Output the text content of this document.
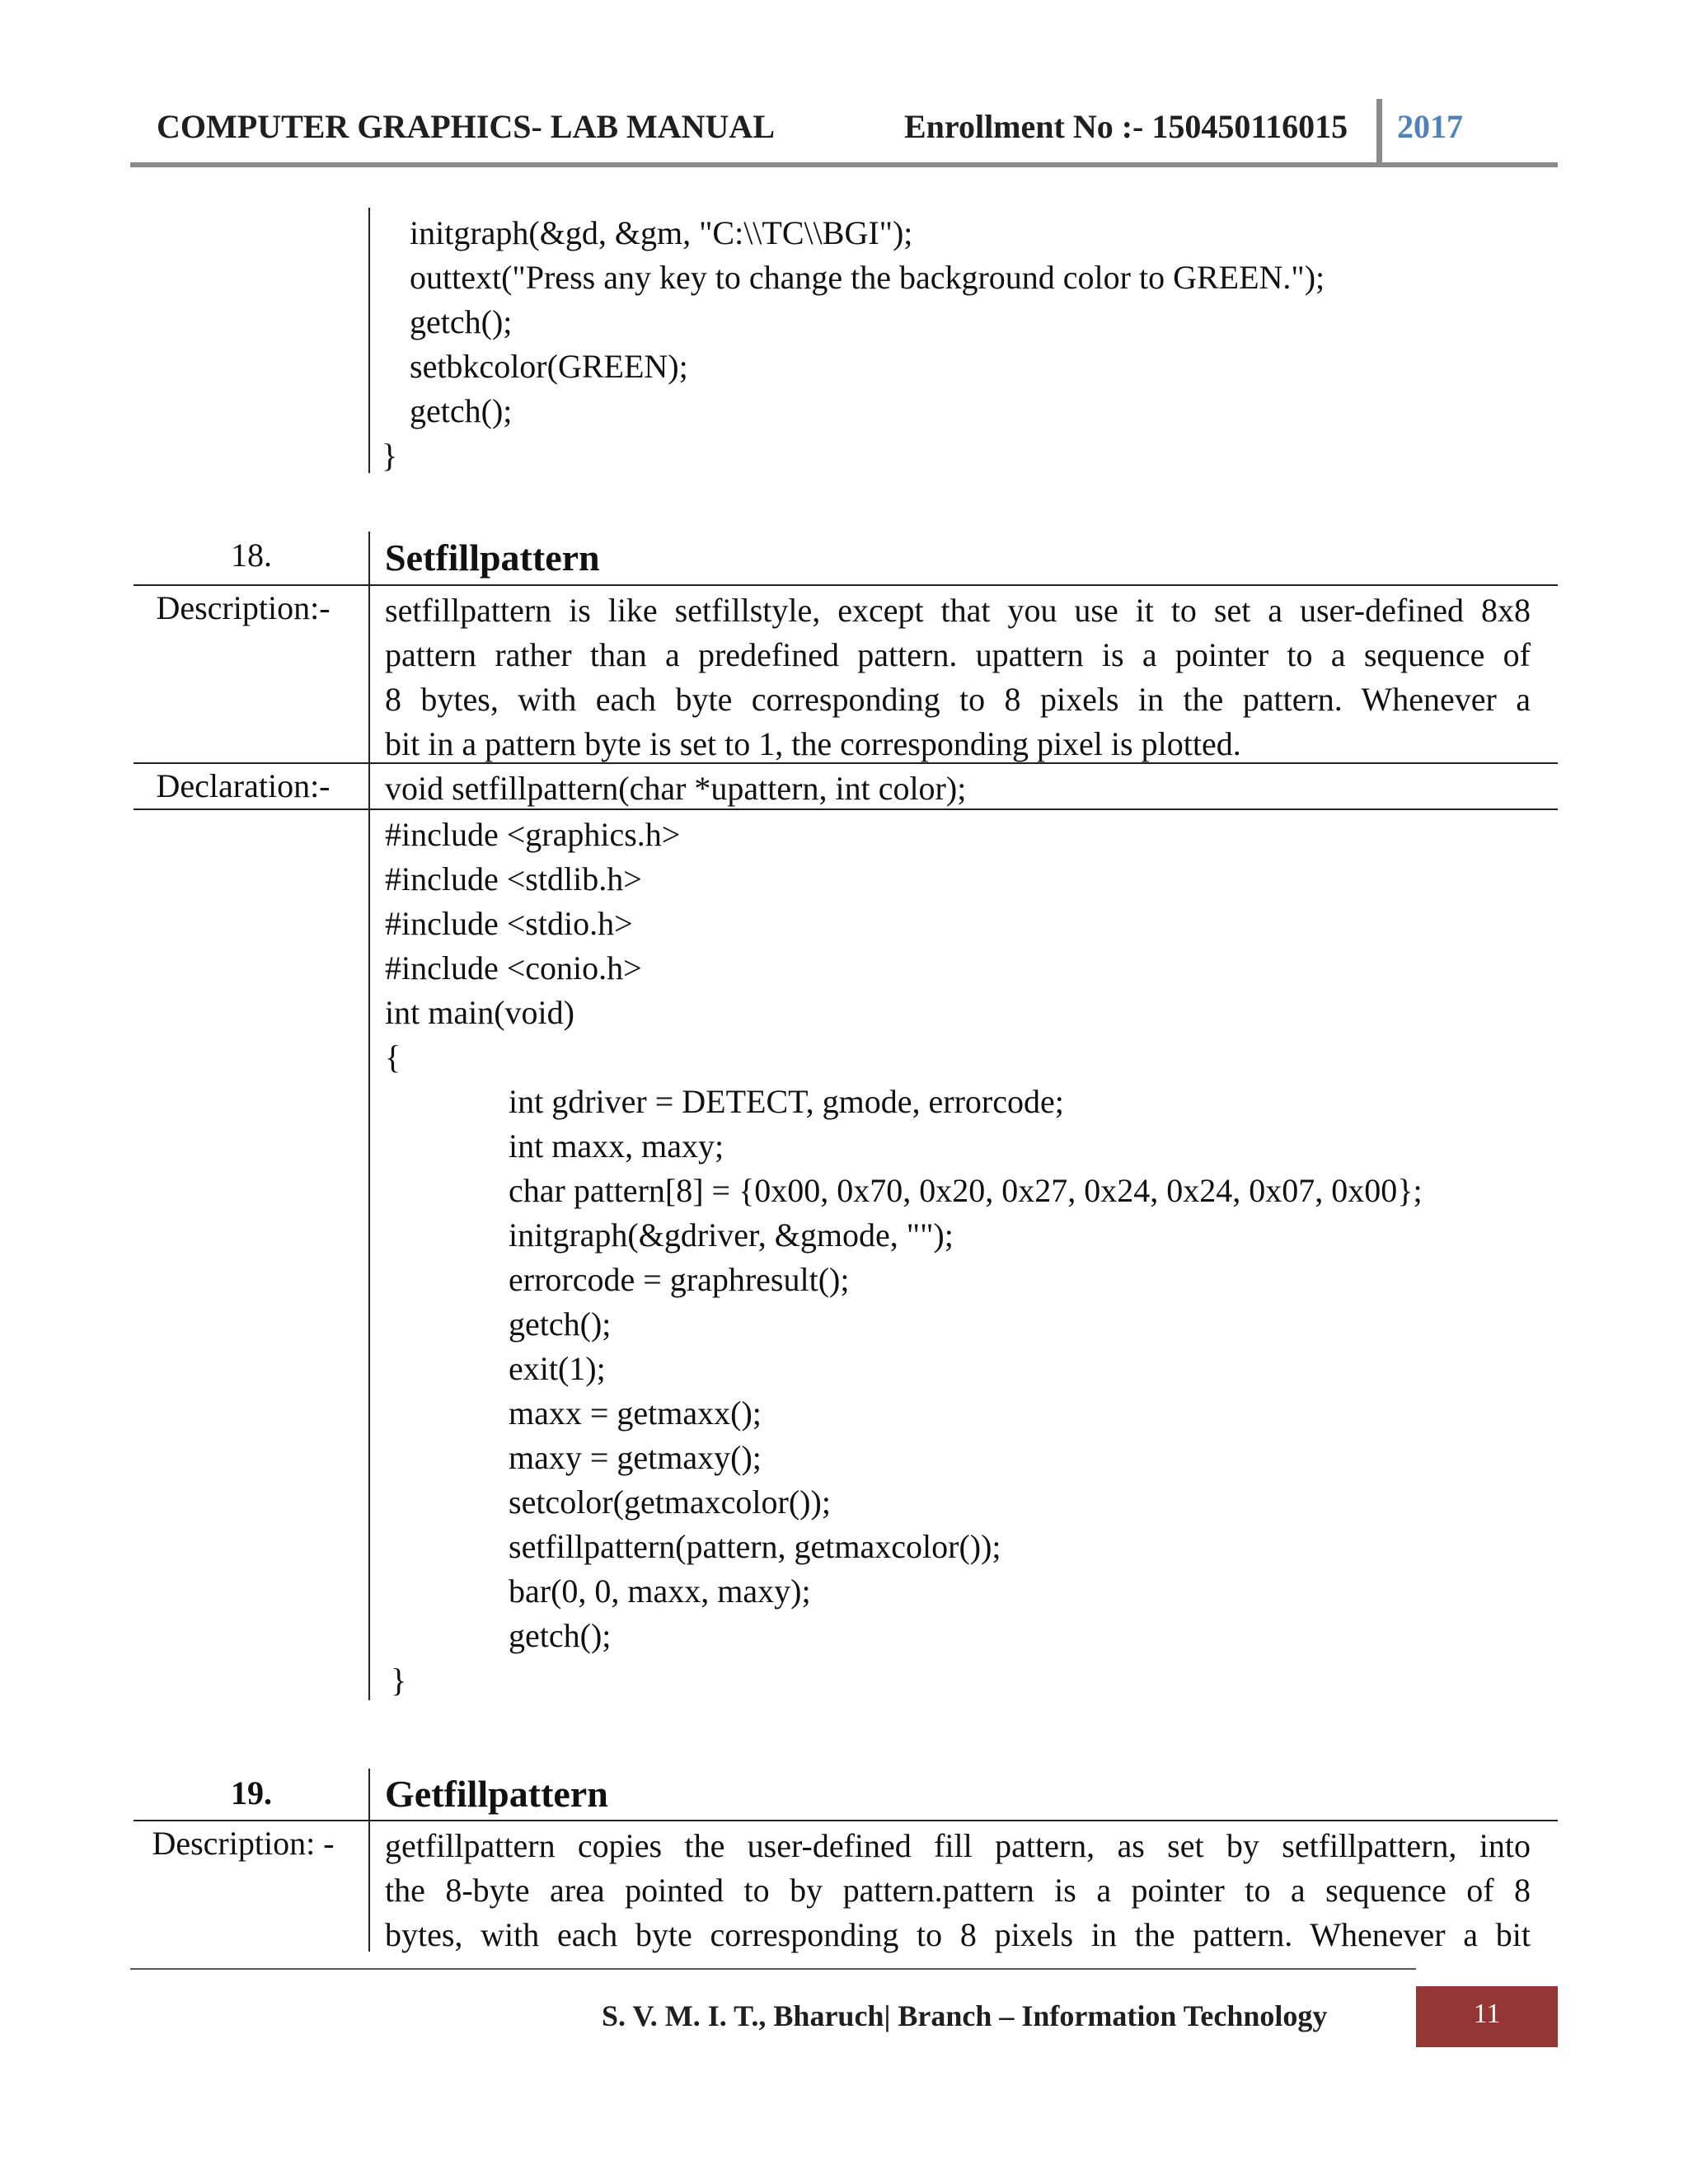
COMPUTER GRAPHICS- LAB MANUAL	Enrollment No :- 150450116015 2017
initgraph(&gd, &gm, "C:\\TC\\BGI");
outtext("Press any key to change the background color to GREEN.");
getch();
setbkcolor(GREEN);
getch();
}
18.	Setfillpattern
Description:-	setfillpattern is like setfillstyle, except that you use it to set a user-defined 8x8
pattern rather than a predefined pattern. upattern is a pointer to a sequence of
8 bytes, with each byte corresponding to 8 pixels in the pattern. Whenever a
bit in a pattern byte is set to 1, the corresponding pixel is plotted.
Declaration:-	void setfillpattern(char *upattern, int color);
#include <graphics.h>
#include <stdlib.h>
#include <stdio.h>
#include <conio.h>
int main(void)
{
int gdriver = DETECT, gmode, errorcode;
int maxx, maxy;
char pattern[8] = {0x00, 0x70, 0x20, 0x27, 0x24, 0x24, 0x07, 0x00};
initgraph(&gdriver, &gmode, "");
errorcode = graphresult();
getch();
exit(1);
maxx = getmaxx();
maxy = getmaxy();
setcolor(getmaxcolor());
setfillpattern(pattern, getmaxcolor());
bar(0, 0, maxx, maxy);
getch();
}
19.	Getfillpattern
Description: -	getfillpattern copies the user-defined fill pattern, as set by setfillpattern, into
the 8-byte area pointed to by pattern.pattern is a pointer to a sequence of 8
bytes, with each byte corresponding to 8 pixels in the pattern. Whenever a bit
S. V. M. I. T., Bharuch| Branch – Information Technology	11
